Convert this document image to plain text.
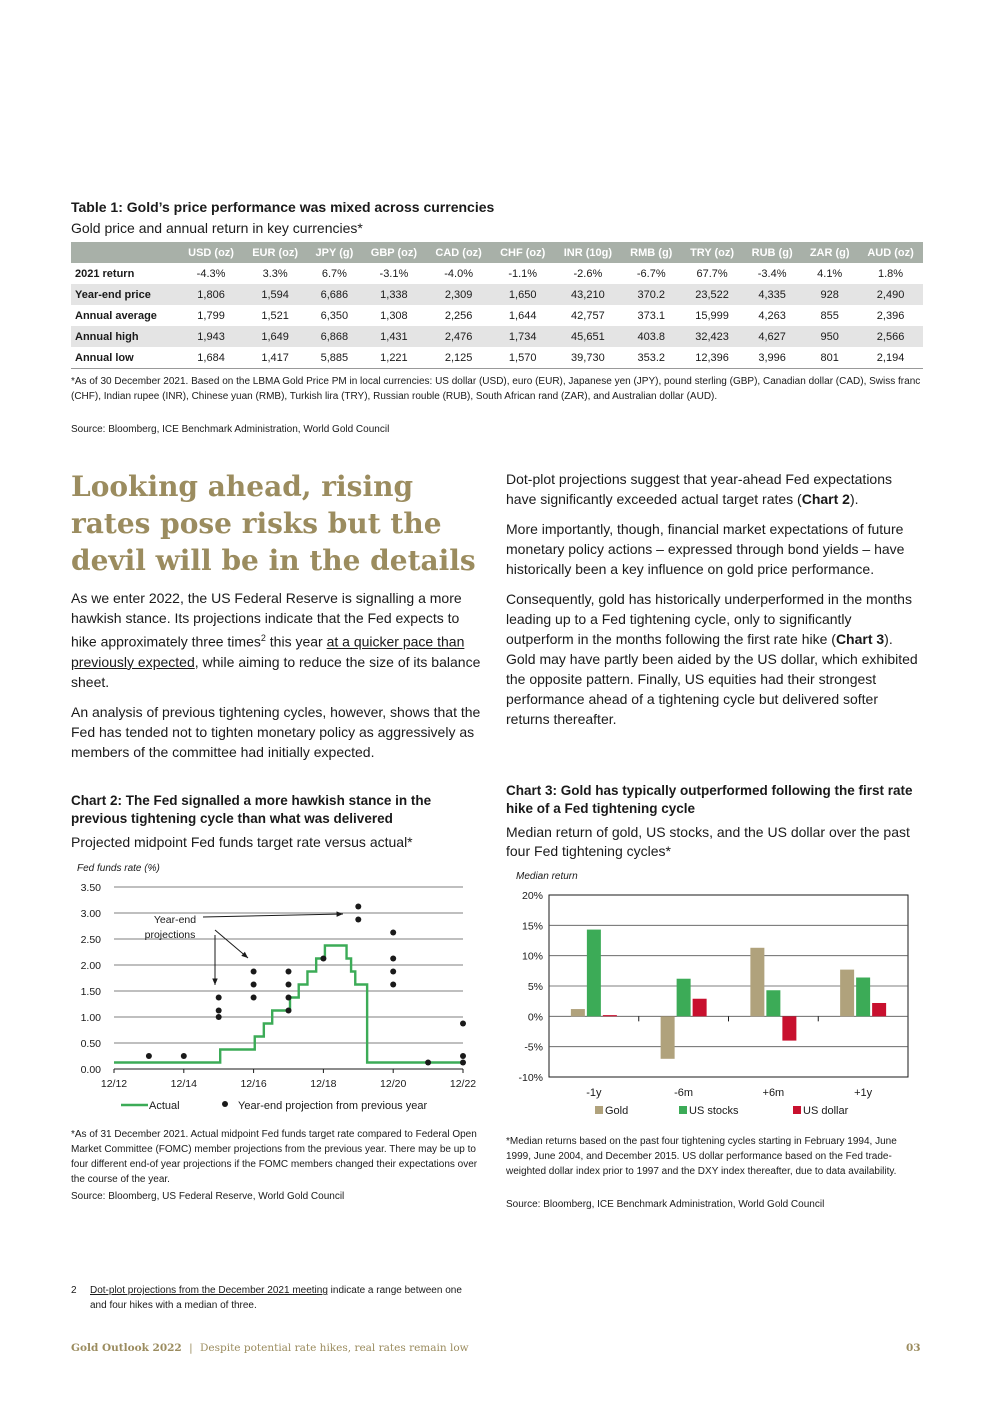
Table 1: Gold’s price performance was mixed across currencies
Gold price and annual return in key currencies*
	USD (oz)	EUR (oz)	JPY (g)	GBP (oz)	CAD (oz)	CHF (oz)	INR (10g)	RMB (g)	TRY (oz)	RUB (g)	ZAR (g)	AUD (oz)
2021 return	-4.3%	3.3%	6.7%	-3.1%	-4.0%	-1.1%	-2.6%	-6.7%	67.7%	-3.4%	4.1%	1.8%
Year-end price	1,806	1,594	6,686	1,338	2,309	1,650	43,210	370.2	23,522	4,335	928	2,490
Annual average	1,799	1,521	6,350	1,308	2,256	1,644	42,757	373.1	15,999	4,263	855	2,396
Annual high	1,943	1,649	6,868	1,431	2,476	1,734	45,651	403.8	32,423	4,627	950	2,566
Annual low	1,684	1,417	5,885	1,221	2,125	1,570	39,730	353.2	12,396	3,996	801	2,194
*As of 30 December 2021. Based on the LBMA Gold Price PM in local currencies: US dollar (USD), euro (EUR), Japanese yen (JPY), pound sterling (GBP), Canadian dollar (CAD), Swiss franc (CHF), Indian rupee (INR), Chinese yuan (RMB), Turkish lira (TRY), Russian rouble (RUB), South African rand (ZAR), and Australian dollar (AUD).
Source: Bloomberg, ICE Benchmark Administration, World Gold Council
Looking ahead, rising rates pose risks but the devil will be in the details

As we enter 2022, the US Federal Reserve is signalling a more hawkish stance. Its projections indicate that the Fed expects to hike approximately three times$^2$ this year at a quicker pace than previously expected, while aiming to reduce the size of its balance sheet.

An analysis of previous tightening cycles, however, shows that the Fed has tended not to tighten monetary policy as aggressively as members of the committee had initially expected.

Chart 2: The Fed signalled a more hawkish stance in the previous tightening cycle than what was delivered
Projected midpoint Fed funds target rate versus actual*
Fed funds rate (%)
0.00
0.50
1.00
1.50
2.00
2.50
3.00
3.50
12/12	12/14	12/16	12/18	12/20	12/22
Year-end
projections
Actual	Year-end projection from previous year
*As of 31 December 2021. Actual midpoint Fed funds target rate compared to Federal Open Market Committee (FOMC) member projections from the previous year. There may be up to four different end-of year projections if the FOMC members changed their expectations over the course of the year.
Source: Bloomberg, US Federal Reserve, World Gold Council

Dot-plot projections suggest that year-ahead Fed expectations have significantly exceeded actual target rates (Chart 2).

More importantly, though, financial market expectations of future monetary policy actions – expressed through bond yields – have historically been a key influence on gold price performance.

Consequently, gold has historically underperformed in the months leading up to a Fed tightening cycle, only to significantly outperform in the months following the first rate hike (Chart 3). Gold may have partly been aided by the US dollar, which exhibited the opposite pattern. Finally, US equities had their strongest performance ahead of a tightening cycle but delivered softer returns thereafter.

Chart 3: Gold has typically outperformed following the first rate hike of a Fed tightening cycle
Median return of gold, US stocks, and the US dollar over the past four Fed tightening cycles*
Median return
20%
15%
10%
5%
0%
-5%
-10%
-1y	-6m	+6m	+1y
Gold	US stocks	US dollar
*Median returns based on the past four tightening cycles starting in February 1994, June 1999, June 2004, and December 2015. US dollar performance based on the Fed trade-weighted dollar index prior to 1997 and the DXY index thereafter, due to data availability.
Source: Bloomberg, ICE Benchmark Administration, World Gold Council
2 Dot-plot projections from the December 2021 meeting indicate a range between one and four hikes with a median of three.
Gold Outlook 2022 | Despite potential rate hikes, real rates remain low	03
